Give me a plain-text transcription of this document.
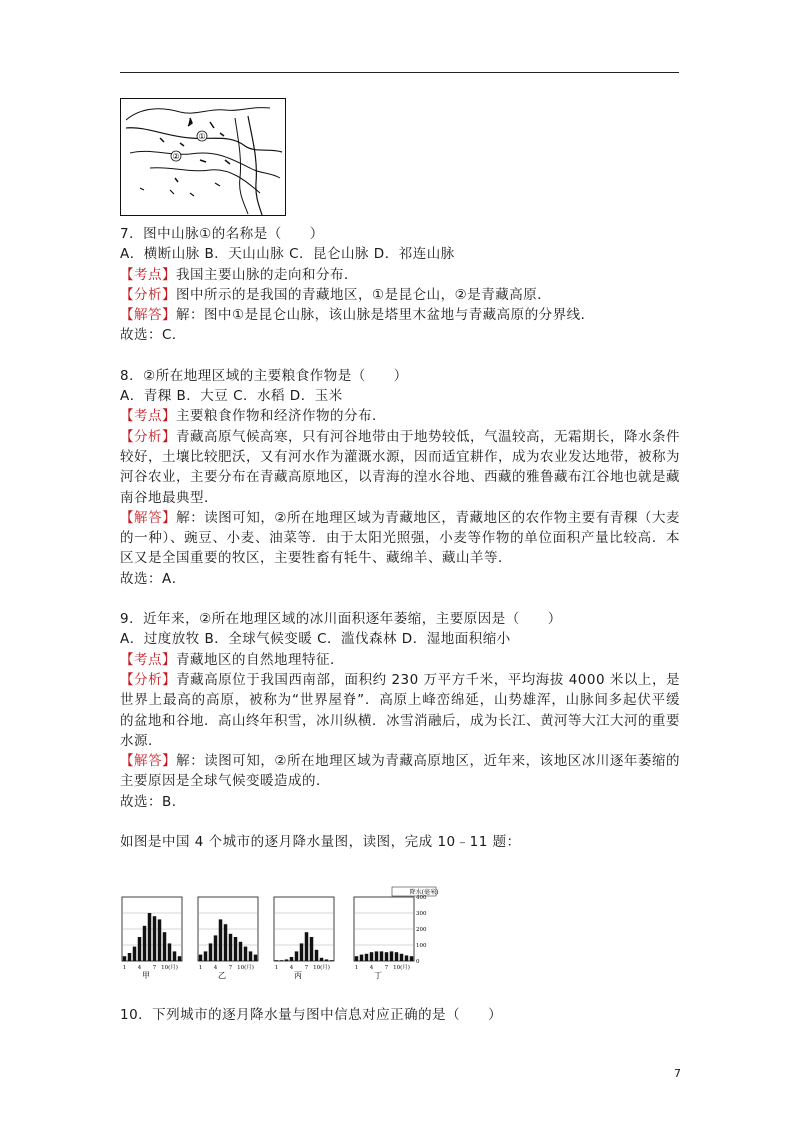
①
②
7．图中山脉①的名称是（　　）
A．横断山脉 B．天山山脉 C．昆仑山脉 D．祁连山脉
【考点】我国主要山脉的走向和分布．
【分析】图中所示的是我国的青藏地区，①是昆仑山，②是青藏高原．
【解答】解：图中①是昆仑山脉，该山脉是塔里木盆地与青藏高原的分界线．
故选：C．
8．②所在地理区域的主要粮食作物是（　　）
A．青稞 B．大豆 C．水稻 D．玉米
【考点】主要粮食作物和经济作物的分布．
【分析】青藏高原气候高寒，只有河谷地带由于地势较低，气温较高，无霜期长，降水条件较好，土壤比较肥沃，又有河水作为灌溉水源，因而适宜耕作，成为农业发达地带，被称为河谷农业，主要分布在青藏高原地区，以青海的湟水谷地、西藏的雅鲁藏布江谷地也就是藏南谷地最典型．
【解答】解：读图可知，②所在地理区域为青藏地区，青藏地区的农作物主要有青稞（大麦的一种）、豌豆、小麦、油菜等．由于太阳光照强，小麦等作物的单位面积产量比较高．本区又是全国重要的牧区，主要牲畜有牦牛、藏绵羊、藏山羊等．
故选：A．
9．近年来，②所在地理区域的冰川面积逐年萎缩，主要原因是（　　）
A．过度放牧 B．全球气候变暖 C．滥伐森林 D．湿地面积缩小
【考点】青藏地区的自然地理特征．
【分析】青藏高原位于我国西南部，面积约 230 万平方千米，平均海拔 4000 米以上，是世界上最高的高原，被称为“世界屋脊”．高原上峰峦绵延，山势雄浑，山脉间多起伏平缓的盆地和谷地．高山终年积雪，冰川纵横．冰雪消融后，成为长江、黄河等大江大河的重要水源．
【解答】解：读图可知，②所在地理区域为青藏高原地区，近年来，该地区冰川逐年萎缩的主要原因是全球气候变暖造成的．
故选：B．
如图是中国 4 个城市的逐月降水量图，读图，完成 10﹣11 题：
1 4 7 10(月)
甲
1 4 7 10(月)
乙
1 4 7 10(月)
丙
1 4 7 10(月)
丁
400
300
200
100
0
降水(毫米)
10．下列城市的逐月降水量与图中信息对应正确的是（　　）
7
